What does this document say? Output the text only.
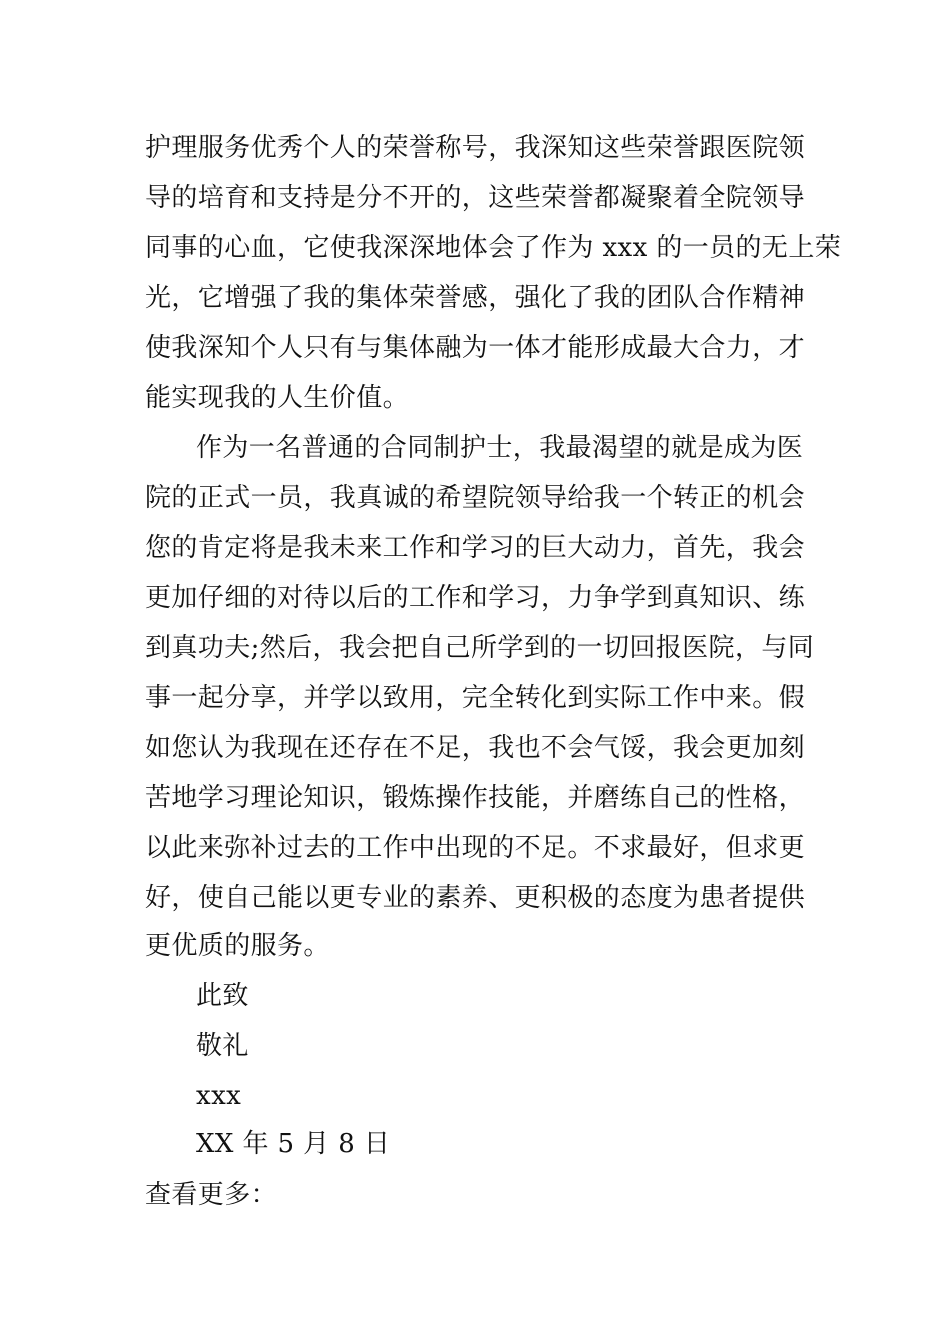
护理服务优秀个人的荣誉称号，我深知这些荣誉跟医院领
导的培育和支持是分不开的，这些荣誉都凝聚着全院领导
同事的心血，它使我深深地体会了作为 xxx 的一员的无上荣
光，它增强了我的集体荣誉感，强化了我的团队合作精神
使我深知个人只有与集体融为一体才能形成最大合力，才
能实现我的人生价值。
作为一名普通的合同制护士，我最渴望的就是成为医
院的正式一员，我真诚的希望院领导给我一个转正的机会
您的肯定将是我未来工作和学习的巨大动力，首先，我会
更加仔细的对待以后的工作和学习，力争学到真知识、练
到真功夫;然后，我会把自己所学到的一切回报医院，与同
事一起分享，并学以致用，完全转化到实际工作中来。假
如您认为我现在还存在不足，我也不会气馁，我会更加刻
苦地学习理论知识，锻炼操作技能，并磨练自己的性格，
以此来弥补过去的工作中出现的不足。不求最好，但求更
好，使自己能以更专业的素养、更积极的态度为患者提供
更优质的服务。
此致
敬礼
xxx
XX 年 5 月 8 日
查看更多：
